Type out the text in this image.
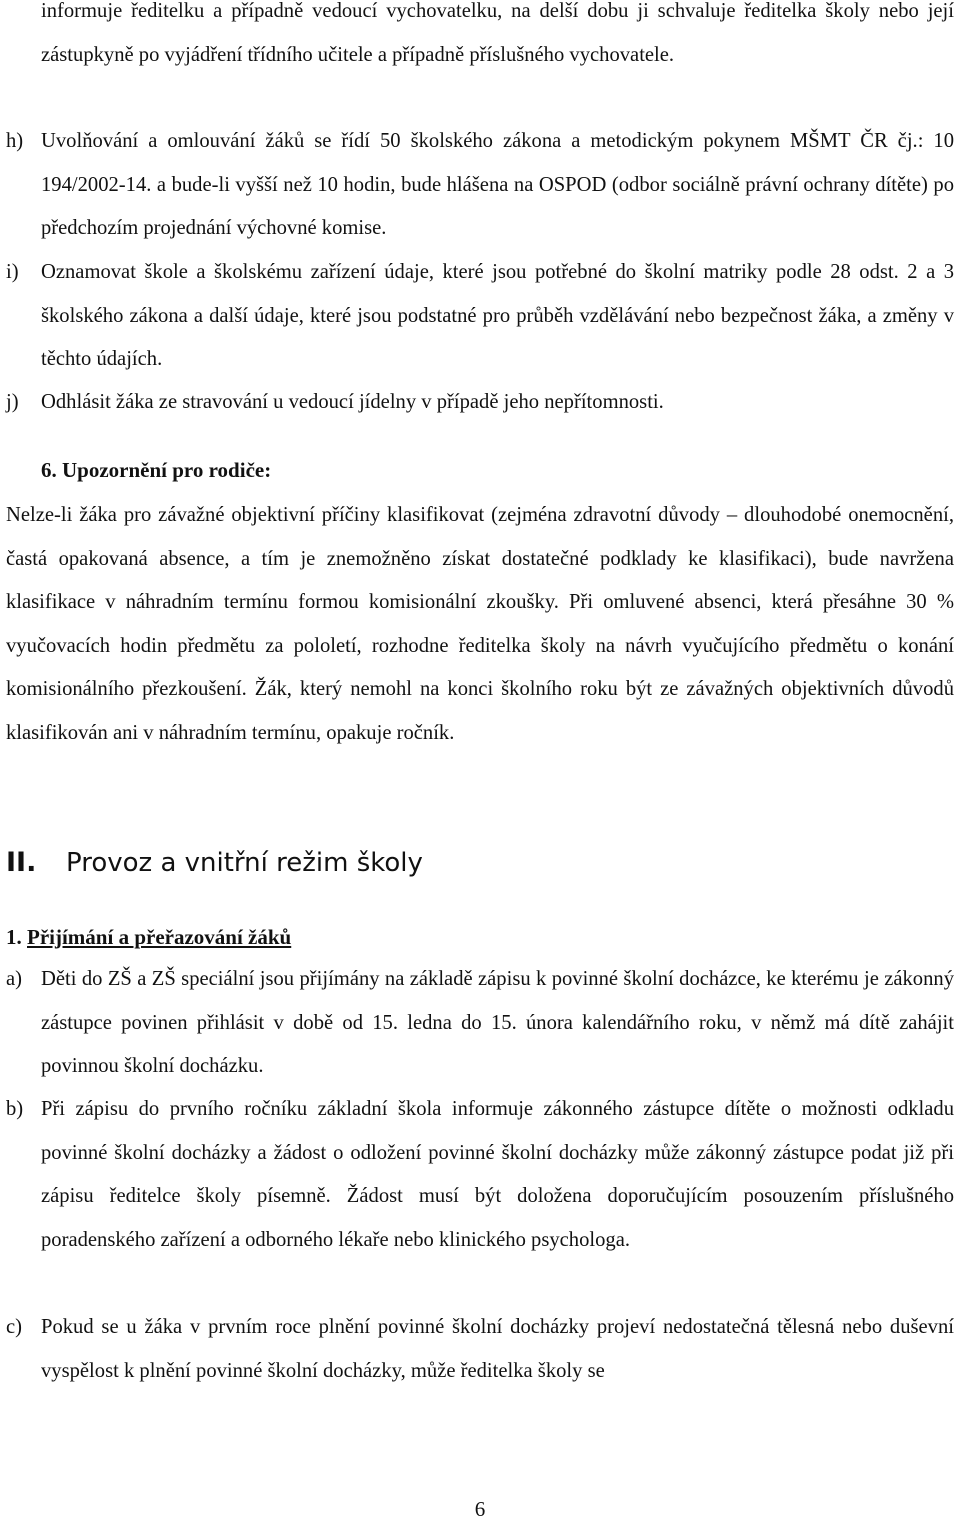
informuje ředitelku a případně vedoucí vychovatelku, na delší dobu ji schvaluje ředitelka školy nebo její zástupkyně po vyjádření třídního učitele a případně příslušného vychovatele.
h) Uvolňování a omlouvání žáků se řídí 50 školského zákona a metodickým pokynem MŠMT ČR čj.: 10 194/2002-14. a bude-li vyšší než 10 hodin, bude hlášena na OSPOD (odbor sociálně právní ochrany dítěte) po předchozím projednání výchovné komise.
i)	Oznamovat škole a školskému zařízení údaje, které jsou potřebné do školní matriky podle 28 odst. 2 a 3 školského zákona a další údaje, které jsou podstatné pro průběh vzdělávání nebo bezpečnost žáka, a změny v těchto údajích.
j)	Odhlásit žáka ze stravování u vedoucí jídelny v případě jeho nepřítomnosti.
6. Upozornění pro rodiče:
Nelze-li žáka pro závažné objektivní příčiny klasifikovat (zejména zdravotní důvody – dlouhodobé onemocnění, častá opakovaná absence, a tím je znemožněno získat dostatečné podklady ke klasifikaci), bude navržena klasifikace v náhradním termínu formou komisionální zkoušky. Při omluvené absenci, která přesáhne 30 % vyučovacích hodin předmětu za pololetí, rozhodne ředitelka školy na návrh vyučujícího předmětu o konání komisionálního přezkoušení. Žák, který nemohl na konci školního roku být ze závažných objektivních důvodů klasifikován ani v náhradním termínu, opakuje ročník.
II.	Provoz a vnitřní režim školy
1. Přijímání a přeřazování žáků
a) Děti do ZŠ a ZŠ speciální jsou přijímány na základě zápisu k povinné školní docházce, ke kterému je zákonný zástupce povinen přihlásit v době od 15. ledna do 15. února kalendářního roku, v němž má dítě zahájit povinnou školní docházku.
b) Při zápisu do prvního ročníku základní škola informuje zákonného zástupce dítěte o možnosti odkladu povinné školní docházky a žádost o odložení povinné školní docházky může zákonný zástupce podat již při zápisu ředitelce školy písemně. Žádost musí být doložena doporučujícím posouzením příslušného poradenského zařízení a odborného lékaře nebo klinického psychologa.
c) Pokud se u žáka v prvním roce plnění povinné školní docházky projeví nedostatečná tělesná nebo duševní vyspělost k plnění povinné školní docházky, může ředitelka školy se
6
